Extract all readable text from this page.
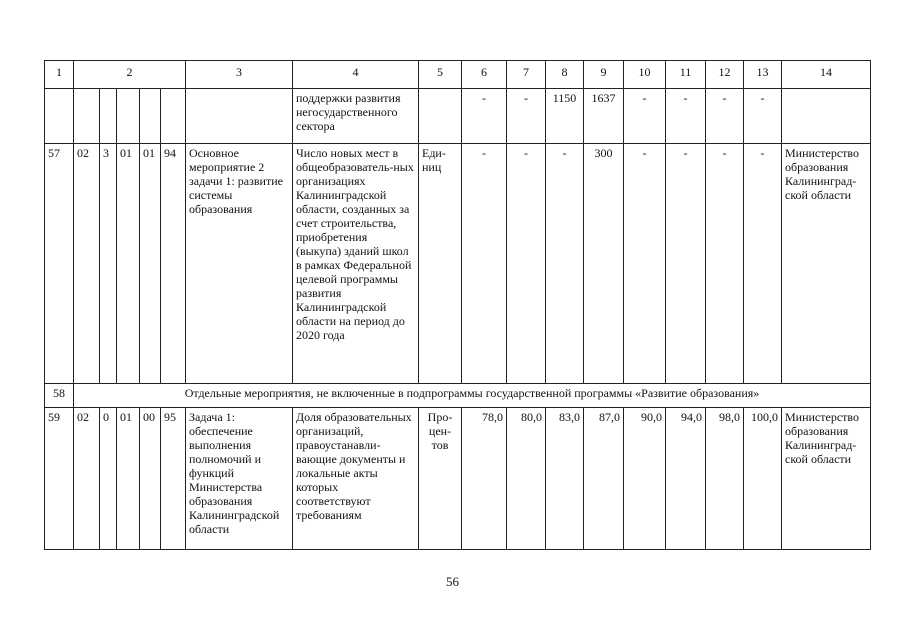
1	2					3	4	5	6	7	8	9	10	11	12	13	14
							поддержки развития негосударственного сектора		-	-	1150	1637	-	-	-	-	
57	02	3	01	01	94	Основное мероприятие 2 задачи 1: развитие системы образования	Число новых мест в общеобразователь-ных организациях Калининградской области, созданных за счет строительства, приобретения (выкупа) зданий школ в рамках Федеральной целевой программы развития Калининградской области на период до 2020 года	Еди-ниц	-	-	-	300	-	-	-	-	Министерство образования Калининград-ской области
58	Отдельные мероприятия, не включенные в подпрограммы государственной программы «Развитие образования»																
59	02	0	01	00	95	Задача 1: обеспечение выполнения полномочий и функций Министерства образования Калининградской области	Доля образовательных организаций, правоустанавли-вающие документы и локальные акты которых соответствуют требованиям	Про-цен-тов	78,0	80,0	83,0	87,0	90,0	94,0	98,0	100,0	Министерство образования Калининград-ской области
56
